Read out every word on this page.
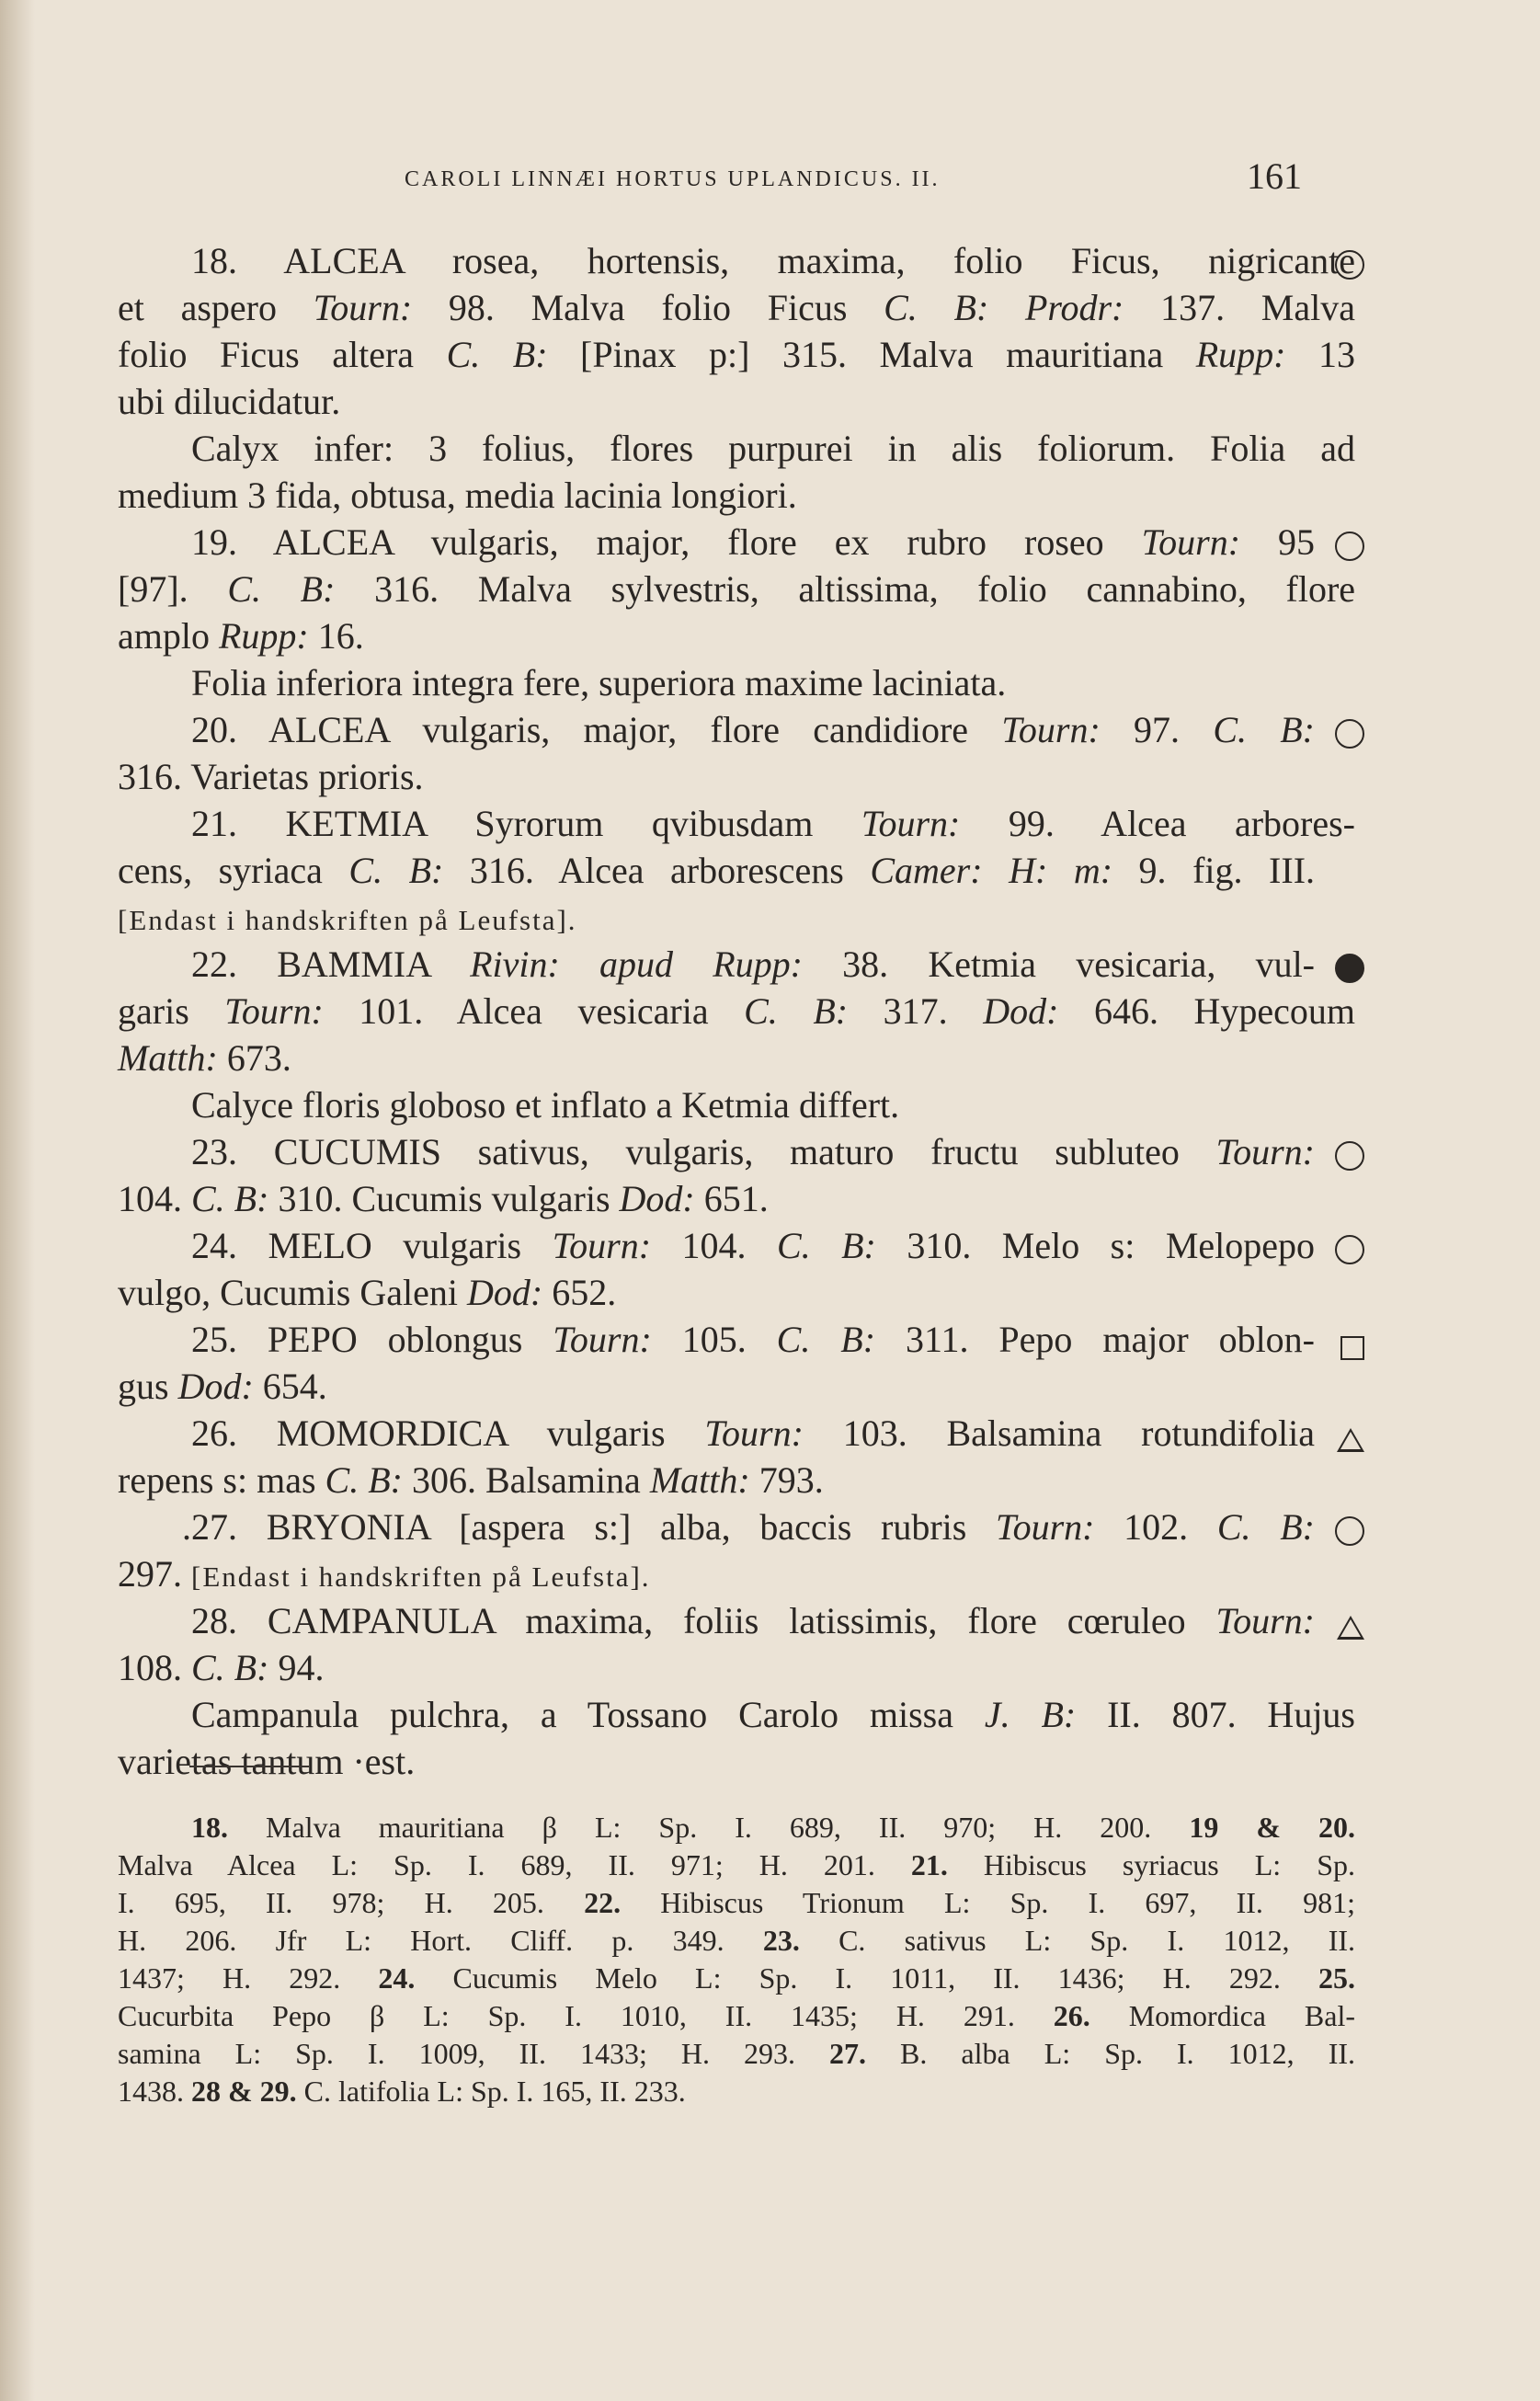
CAROLI LINNÆI HORTUS UPLANDICUS. II.	161
18. ALCEA rosea, hortensis, maxima, folio Ficus, nigricante
et aspero Tourn: 98. Malva folio Ficus C. B: Prodr: 137. Malva
folio Ficus altera C. B: [Pinax p:] 315. Malva mauritiana Rupp: 13
ubi dilucidatur.
Calyx infer: 3 folius, flores purpurei in alis foliorum. Folia ad
medium 3 fida, obtusa, media lacinia longiori.
19. ALCEA vulgaris, major, flore ex rubro roseo Tourn: 95
[97]. C. B: 316. Malva sylvestris, altissima, folio cannabino, flore
amplo Rupp: 16.
Folia inferiora integra fere, superiora maxime laciniata.
20. ALCEA vulgaris, major, flore candidiore Tourn: 97. C. B:
316. Varietas prioris.
21. KETMIA Syrorum qvibusdam Tourn: 99. Alcea arbores-
cens, syriaca C. B: 316. Alcea arborescens Camer: H: m: 9. fig. III.
[Endast i handskriften på Leufsta].
22. BAMMIA Rivin: apud Rupp: 38. Ketmia vesicaria, vul-
garis Tourn: 101. Alcea vesicaria C. B: 317. Dod: 646. Hypecoum
Matth: 673.
Calyce floris globoso et inflato a Ketmia differt.
23. CUCUMIS sativus, vulgaris, maturo fructu subluteo Tourn:
104. C. B: 310. Cucumis vulgaris Dod: 651.
24. MELO vulgaris Tourn: 104. C. B: 310. Melo s: Melopepo
vulgo, Cucumis Galeni Dod: 652.
25. PEPO oblongus Tourn: 105. C. B: 311. Pepo major oblon-
gus Dod: 654.
26. MOMORDICA vulgaris Tourn: 103. Balsamina rotundifolia
repens s: mas C. B: 306. Balsamina Matth: 793.
.27. BRYONIA [aspera s:] alba, baccis rubris Tourn: 102. C. B:
297. [Endast i handskriften på Leufsta].
28. CAMPANULA maxima, foliis latissimis, flore cœruleo Tourn:
108. C. B: 94.
Campanula pulchra, a Tossano Carolo missa J. B: II. 807. Hujus
varietas tantum ·est.
18. Malva mauritiana β L: Sp. I. 689, II. 970; H. 200. 19 & 20.
Malva Alcea L: Sp. I. 689, II. 971; H. 201. 21. Hibiscus syriacus L: Sp.
I. 695, II. 978; H. 205. 22. Hibiscus Trionum L: Sp. I. 697, II. 981;
H. 206. Jfr L: Hort. Cliff. p. 349. 23. C. sativus L: Sp. I. 1012, II.
1437; H. 292. 24. Cucumis Melo L: Sp. I. 1011, II. 1436; H. 292. 25.
Cucurbita Pepo β L: Sp. I. 1010, II. 1435; H. 291. 26. Momordica Bal-
samina L: Sp. I. 1009, II. 1433; H. 293. 27. B. alba L: Sp. I. 1012, II.
1438. 28 & 29. C. latifolia L: Sp. I. 165, II. 233.
